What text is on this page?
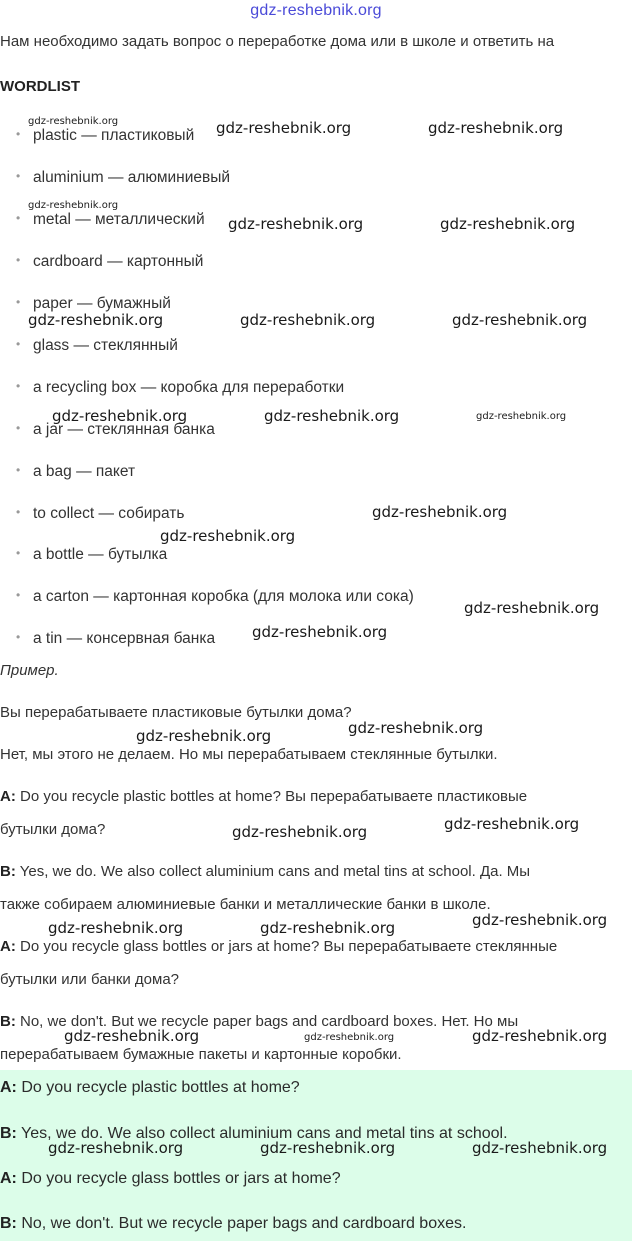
gdz-reshebnik.org
Нам необходимо задать вопрос о переработке дома или в школе и ответить на
WORDLIST
• plastic — пластиковый
• aluminium — алюминиевый
• metal — металлический
• cardboard — картонный
• paper — бумажный
• glass — стеклянный
• a recycling box — коробка для переработки
• a jar — стеклянная банка
• a bag — пакет
• to collect — собирать
• a bottle — бутылка
• a carton — картонная коробка (для молока или сока)
• a tin — консервная банка
Пример.
Вы перерабатываете пластиковые бутылки дома?
Нет, мы этого не делаем. Но мы перерабатываем стеклянные бутылки.
A: Do you recycle plastic bottles at home? Вы перерабатываете пластиковые
бутылки дома?
B: Yes, we do. We also collect aluminium cans and metal tins at school. Да. Мы
также собираем алюминиевые банки и металлические банки в школе.
A: Do you recycle glass bottles or jars at home? Вы перерабатываете стеклянные
бутылки или банки дома?
B: No, we don't. But we recycle paper bags and cardboard boxes. Нет. Но мы
перерабатываем бумажные пакеты и картонные коробки.
A: Do you recycle plastic bottles at home?
B: Yes, we do. We also collect aluminium cans and metal tins at school.
A: Do you recycle glass bottles or jars at home?
B: No, we don't. But we recycle paper bags and cardboard boxes.
gdz-reshebnik.org	gdz-reshebnik.org	gdz-reshebnik.org
gdz-reshebnik.org
gdz-reshebnik.org	gdz-reshebnik.org
gdz-reshebnik.org	gdz-reshebnik.org	gdz-reshebnik.org
gdz-reshebnik.org	gdz-reshebnik.org	gdz-reshebnik.org
gdz-reshebnik.org
gdz-reshebnik.org
gdz-reshebnik.org
gdz-reshebnik.org
gdz-reshebnik.org
gdz-reshebnik.org
gdz-reshebnik.org
gdz-reshebnik.org
gdz-reshebnik.org
gdz-reshebnik.org	gdz-reshebnik.org
gdz-reshebnik.org	gdz-reshebnik.org	gdz-reshebnik.org
gdz-reshebnik.org	gdz-reshebnik.org	gdz-reshebnik.org
